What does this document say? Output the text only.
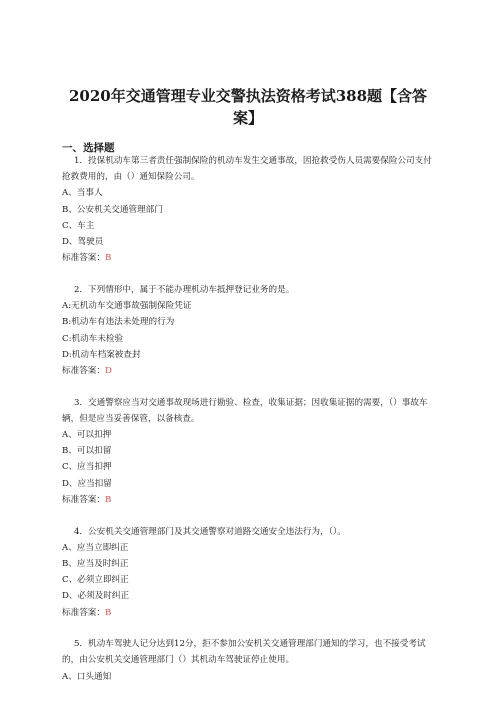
2020年交通管理专业交警执法资格考试388题【含答案】
一、选择题

1．投保机动车第三者责任强制保险的机动车发生交通事故，因抢救受伤人员需要保险公司支付抢救费用的，由（）通知保险公司。

A、当事人

B、公安机关交通管理部门

C、车主

D、驾驶员

标准答案：B

2．下列情形中，属于不能办理机动车抵押登记业务的是。

A:无机动车交通事故强制保险凭证

B:机动车有违法未处理的行为

C:机动车未检验

D:机动车档案被查封

标准答案：D

3．交通警察应当对交通事故现场进行勘验、检查，收集证据；因收集证据的需要，（）事故车辆，但是应当妥善保管，以备核查。

A、可以扣押

B、可以扣留

C、应当扣押

D、应当扣留

标准答案：B

4．公安机关交通管理部门及其交通警察对道路交通安全违法行为，（）。

A、应当立即纠正

B、应当及时纠正

C、必须立即纠正

D、必须及时纠正

标准答案：B

5．机动车驾驶人记分达到12分，拒不参加公安机关交通管理部门通知的学习，也不接受考试的，由公安机关交通管理部门（）其机动车驾驶证停止使用。

A、口头通知
